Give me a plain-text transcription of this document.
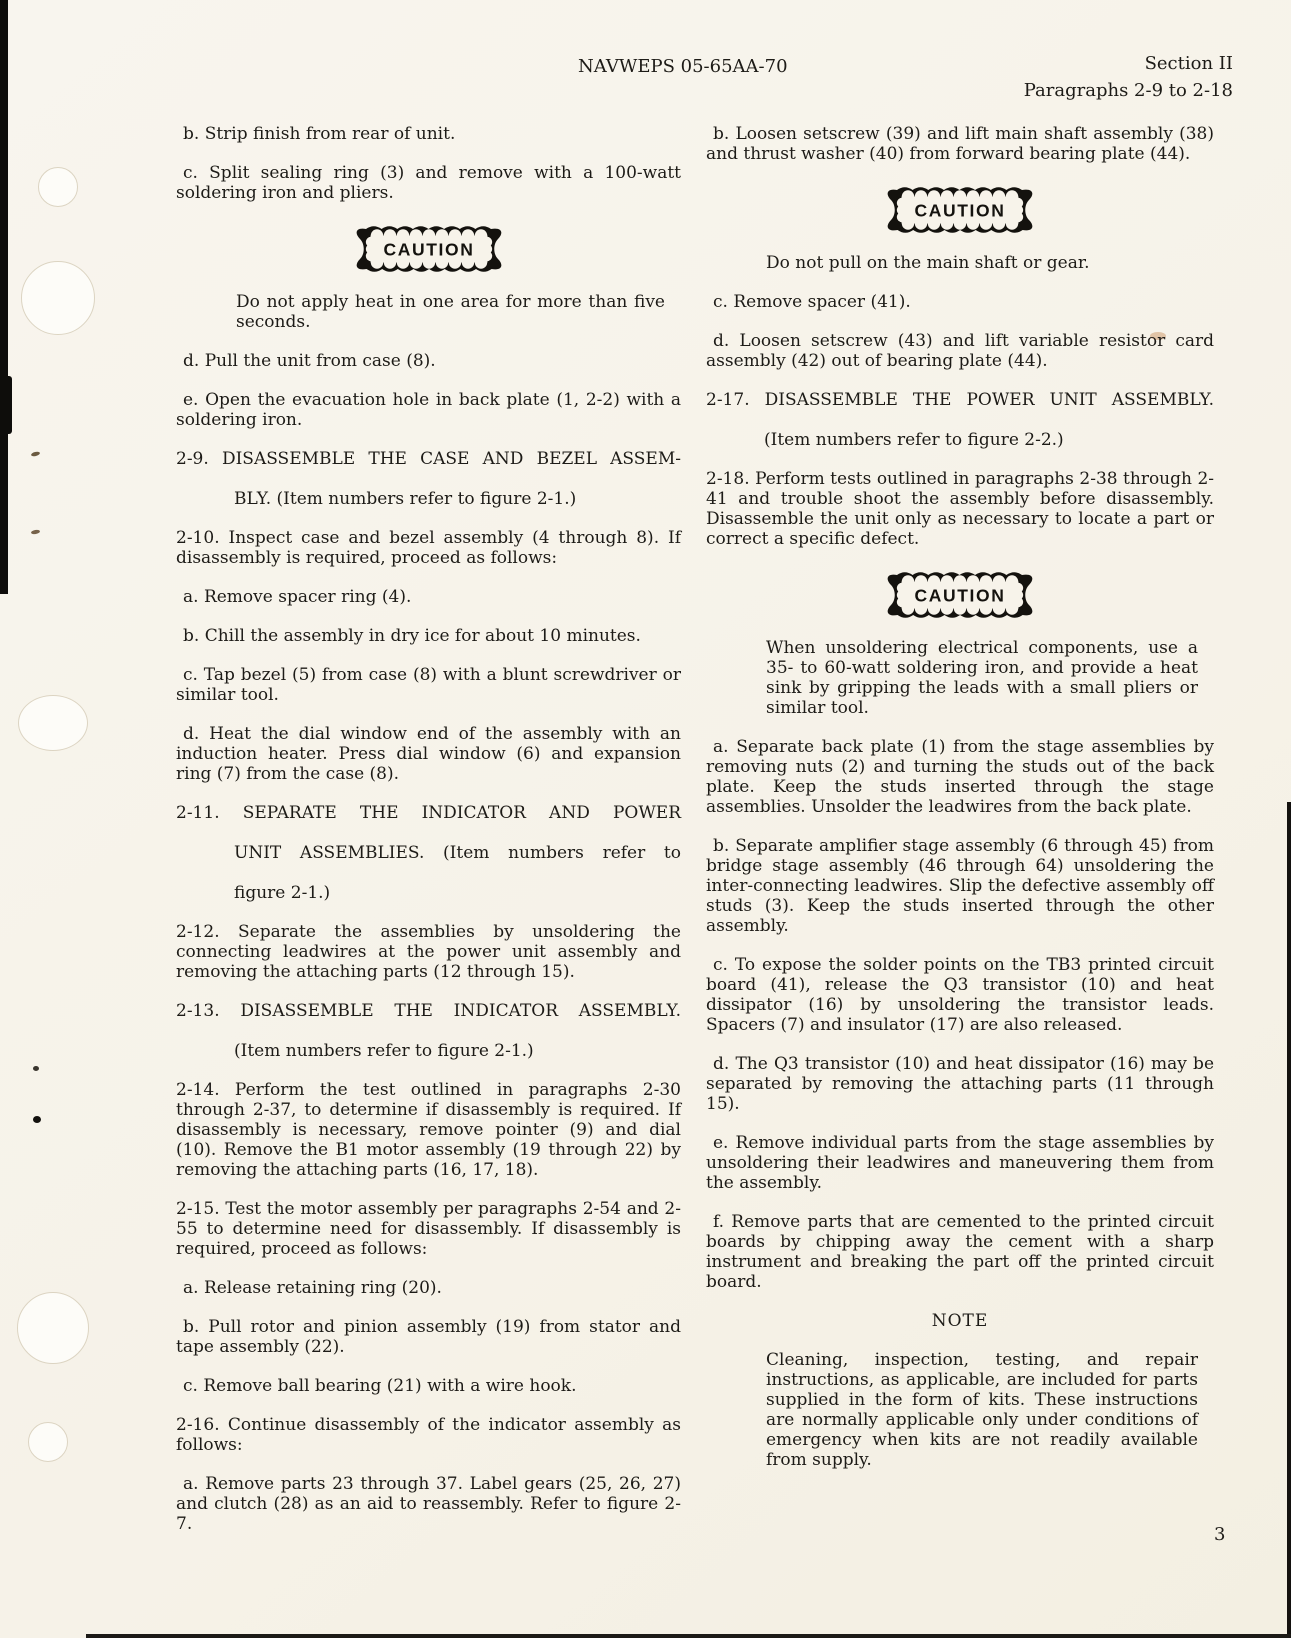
NAVWEPS 05-65AA-70	Section II
Paragraphs 2-9 to 2-18

b. Strip finish from rear of unit.

c. Split sealing ring (3) and remove with a 100-watt soldering iron and pliers.

CAUTION

Do not apply heat in one area for more than five seconds.

d. Pull the unit from case (8).

e. Open the evacuation hole in back plate (1, 2-2) with a soldering iron.

2-9. DISASSEMBLE THE CASE AND BEZEL ASSEM-
BLY. (Item numbers refer to figure 2-1.)

2-10. Inspect case and bezel assembly (4 through 8). If disassembly is required, proceed as follows:

a. Remove spacer ring (4).

b. Chill the assembly in dry ice for about 10 minutes.

c. Tap bezel (5) from case (8) with a blunt screwdriver or similar tool.

d. Heat the dial window end of the assembly with an induction heater. Press dial window (6) and expansion ring (7) from the case (8).

2-11. SEPARATE THE INDICATOR AND POWER
UNIT ASSEMBLIES. (Item numbers refer to
figure 2-1.)

2-12. Separate the assemblies by unsoldering the connecting leadwires at the power unit assembly and removing the attaching parts (12 through 15).

2-13. DISASSEMBLE THE INDICATOR ASSEMBLY.
(Item numbers refer to figure 2-1.)

2-14. Perform the test outlined in paragraphs 2-30 through 2-37, to determine if disassembly is required. If disassembly is necessary, remove pointer (9) and dial (10). Remove the B1 motor assembly (19 through 22) by removing the attaching parts (16, 17, 18).

2-15. Test the motor assembly per paragraphs 2-54 and 2-55 to determine need for disassembly. If disassembly is required, proceed as follows:

a. Release retaining ring (20).

b. Pull rotor and pinion assembly (19) from stator and tape assembly (22).

c. Remove ball bearing (21) with a wire hook.

2-16. Continue disassembly of the indicator assembly as follows:

a. Remove parts 23 through 37. Label gears (25, 26, 27) and clutch (28) as an aid to reassembly. Refer to figure 2-7.

b. Loosen setscrew (39) and lift main shaft assembly (38) and thrust washer (40) from forward bearing plate (44).

CAUTION

Do not pull on the main shaft or gear.

c. Remove spacer (41).

d. Loosen setscrew (43) and lift variable resistor card assembly (42) out of bearing plate (44).

2-17. DISASSEMBLE THE POWER UNIT ASSEMBLY.
(Item numbers refer to figure 2-2.)

2-18. Perform tests outlined in paragraphs 2-38 through 2-41 and trouble shoot the assembly before disassembly. Disassemble the unit only as necessary to locate a part or correct a specific defect.

CAUTION

When unsoldering electrical components, use a 35- to 60-watt soldering iron, and provide a heat sink by gripping the leads with a small pliers or similar tool.

a. Separate back plate (1) from the stage assemblies by removing nuts (2) and turning the studs out of the back plate. Keep the studs inserted through the stage assemblies. Unsolder the leadwires from the back plate.

b. Separate amplifier stage assembly (6 through 45) from bridge stage assembly (46 through 64) unsoldering the inter-connecting leadwires. Slip the defective assembly off studs (3). Keep the studs inserted through the other assembly.

c. To expose the solder points on the TB3 printed circuit board (41), release the Q3 transistor (10) and heat dissipator (16) by unsoldering the transistor leads. Spacers (7) and insulator (17) are also released.

d. The Q3 transistor (10) and heat dissipator (16) may be separated by removing the attaching parts (11 through 15).

e. Remove individual parts from the stage assemblies by unsoldering their leadwires and maneuvering them from the assembly.

f. Remove parts that are cemented to the printed circuit boards by chipping away the cement with a sharp instrument and breaking the part off the printed circuit board.

NOTE

Cleaning, inspection, testing, and repair instructions, as applicable, are included for parts supplied in the form of kits. These instructions are normally applicable only under conditions of emergency when kits are not readily available from supply.

3
